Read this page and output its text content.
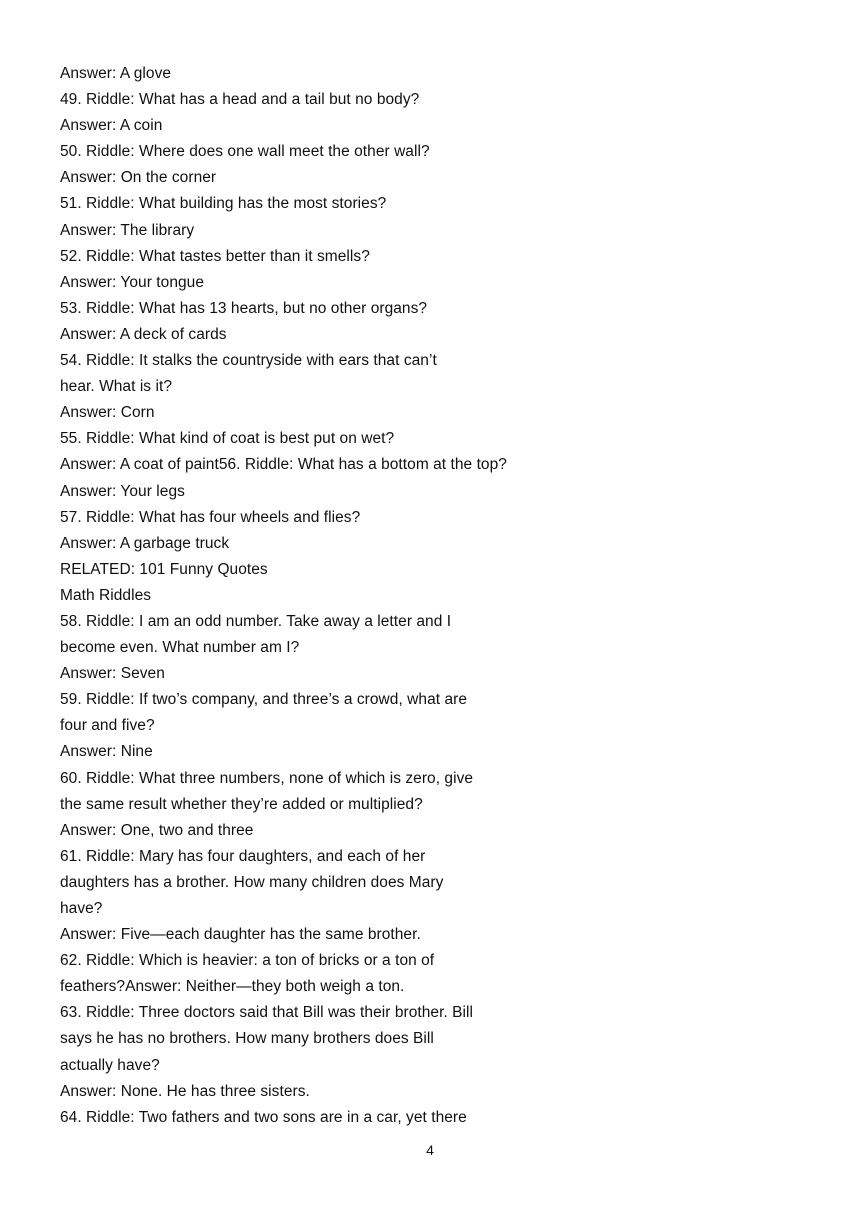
Answer: A glove
49. Riddle: What has a head and a tail but no body?
Answer: A coin
50. Riddle: Where does one wall meet the other wall?
Answer: On the corner
51. Riddle: What building has the most stories?
Answer: The library
52. Riddle: What tastes better than it smells?
Answer: Your tongue
53. Riddle: What has 13 hearts, but no other organs?
Answer: A deck of cards
54. Riddle: It stalks the countryside with ears that can’t
hear. What is it?
Answer: Corn
55. Riddle: What kind of coat is best put on wet?
Answer: A coat of paint56. Riddle: What has a bottom at the top?
Answer: Your legs
57. Riddle: What has four wheels and flies?
Answer: A garbage truck
RELATED: 101 Funny Quotes
Math Riddles
58. Riddle: I am an odd number. Take away a letter and I
become even. What number am I?
Answer: Seven
59. Riddle: If two’s company, and three’s a crowd, what are
four and five?
Answer: Nine
60. Riddle: What three numbers, none of which is zero, give
the same result whether they’re added or multiplied?
Answer: One, two and three
61. Riddle: Mary has four daughters, and each of her
daughters has a brother. How many children does Mary
have?
Answer: Five—each daughter has the same brother.
62. Riddle: Which is heavier: a ton of bricks or a ton of
feathers?Answer: Neither—they both weigh a ton.
63. Riddle: Three doctors said that Bill was their brother. Bill
says he has no brothers. How many brothers does Bill
actually have?
Answer: None. He has three sisters.
64. Riddle: Two fathers and two sons are in a car, yet there
4
